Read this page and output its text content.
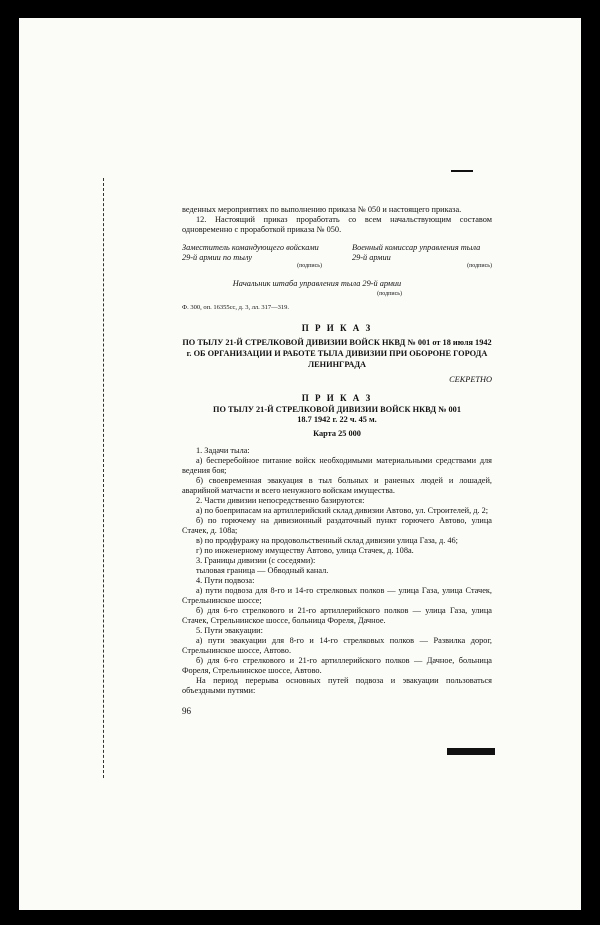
веденных мероприятиях по выполнению приказа № 050 и настоящего приказа.

12. Настоящий приказ проработать со всем начальствующим составом одновременно с проработкой приказа № 050.

Заместитель командующего войсками 29-й армии по тылу

(подпись)

Военный комиссар управления тыла 29-й армии

(подпись)

Начальник штаба управления тыла 29-й армии

(подпись)

Ф. 300, оп. 16355сс, д. 3, лл. 317—319.

П Р И К А З

ПО ТЫЛУ 21-Й СТРЕЛКОВОЙ ДИВИЗИИ ВОЙСК НКВД № 001 от 18 июля 1942 г. ОБ ОРГАНИЗАЦИИ И РАБОТЕ ТЫЛА ДИВИЗИИ ПРИ ОБОРОНЕ ГОРОДА ЛЕНИНГРАДА

СЕКРЕТНО

П Р И К А З

ПО ТЫЛУ 21-Й СТРЕЛКОВОЙ ДИВИЗИИ ВОЙСК НКВД № 001

18.7 1942 г. 22 ч. 45 м.

Карта 25 000

1. Задачи тыла:

а) бесперебойное питание войск необходимыми материальными средствами для ведения боя;

б) своевременная эвакуация в тыл больных и раненых людей и лошадей, аварийной матчасти и всего ненужного войскам имущества.

2. Части дивизии непосредственно базируются:

а) по боеприпасам на артиллерийский склад дивизии Автово, ул. Строителей, д. 2;

б) по горючему на дивизионный раздаточный пункт горючего Автово, улица Стачек, д. 108а;

в) по продфуражу на продовольственный склад дивизии улица Газа, д. 46;

г) по инженерному имуществу Автово, улица Стачек, д. 108а.

3. Границы дивизии (с соседями):

тыловая граница — Обводный канал.

4. Пути подвоза:

а) пути подвоза для 8-го и 14-го стрелковых полков — улица Газа, улица Стачек, Стрельнинское шоссе;

б) для 6-го стрелкового и 21-го артиллерийского полков — улица Газа, улица Стачек, Стрельнинское шоссе, больница Фореля, Дачное.

5. Пути эвакуации:

а) пути эвакуации для 8-го и 14-го стрелковых полков — Развилка дорог, Стрельнинское шоссе, Автово.

б) для 6-го стрелкового и 21-го артиллерийского полков — Дачное, больница Фореля, Стрельнинское шоссе, Автово.

На период перерыва основных путей подвоза и эвакуации пользоваться объездными путями:

96
